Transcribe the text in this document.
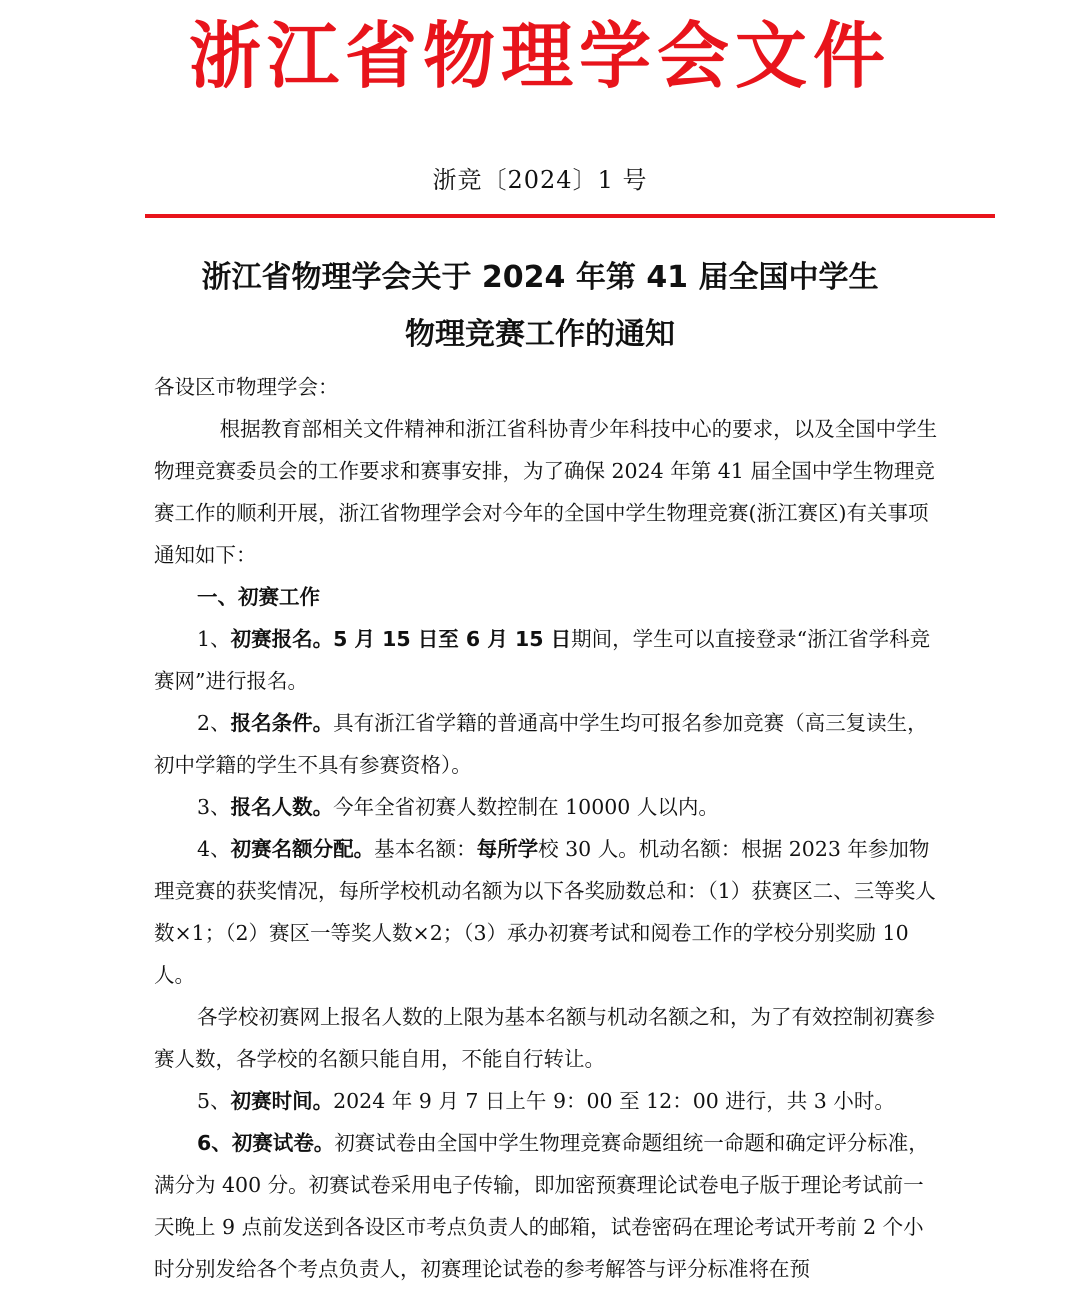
浙江省物理学会文件
浙竞〔2024〕1 号
浙江省物理学会关于 2024 年第 41 届全国中学生
物理竞赛工作的通知

各设区市物理学会：

根据教育部相关文件精神和浙江省科协青少年科技中心的要求，以及全国中学生物理竞赛委员会的工作要求和赛事安排，为了确保 2024 年第 41 届全国中学生物理竞赛工作的顺利开展，浙江省物理学会对今年的全国中学生物理竞赛(浙江赛区)有关事项通知如下：

一、初赛工作

1、初赛报名。5 月 15 日至 6 月 15 日期间，学生可以直接登录“浙江省学科竞赛网”进行报名。

2、报名条件。具有浙江省学籍的普通高中学生均可报名参加竞赛（高三复读生，初中学籍的学生不具有参赛资格）。

3、报名人数。今年全省初赛人数控制在 10000 人以内。

4、初赛名额分配。基本名额：每所学校 30 人。机动名额：根据 2023 年参加物理竞赛的获奖情况，每所学校机动名额为以下各奖励数总和：（1）获赛区二、三等奖人数×1；（2）赛区一等奖人数×2；（3）承办初赛考试和阅卷工作的学校分别奖励 10 人。

各学校初赛网上报名人数的上限为基本名额与机动名额之和，为了有效控制初赛参赛人数，各学校的名额只能自用，不能自行转让。

5、初赛时间。2024 年 9 月 7 日上午 9：00 至 12：00 进行，共 3 小时。

6、初赛试卷。初赛试卷由全国中学生物理竞赛命题组统一命题和确定评分标准，满分为 400 分。初赛试卷采用电子传输，即加密预赛理论试卷电子版于理论考试前一天晚上 9 点前发送到各设区市考点负责人的邮箱，试卷密码在理论考试开考前 2 个小时分别发给各个考点负责人，初赛理论试卷的参考解答与评分标准将在预
